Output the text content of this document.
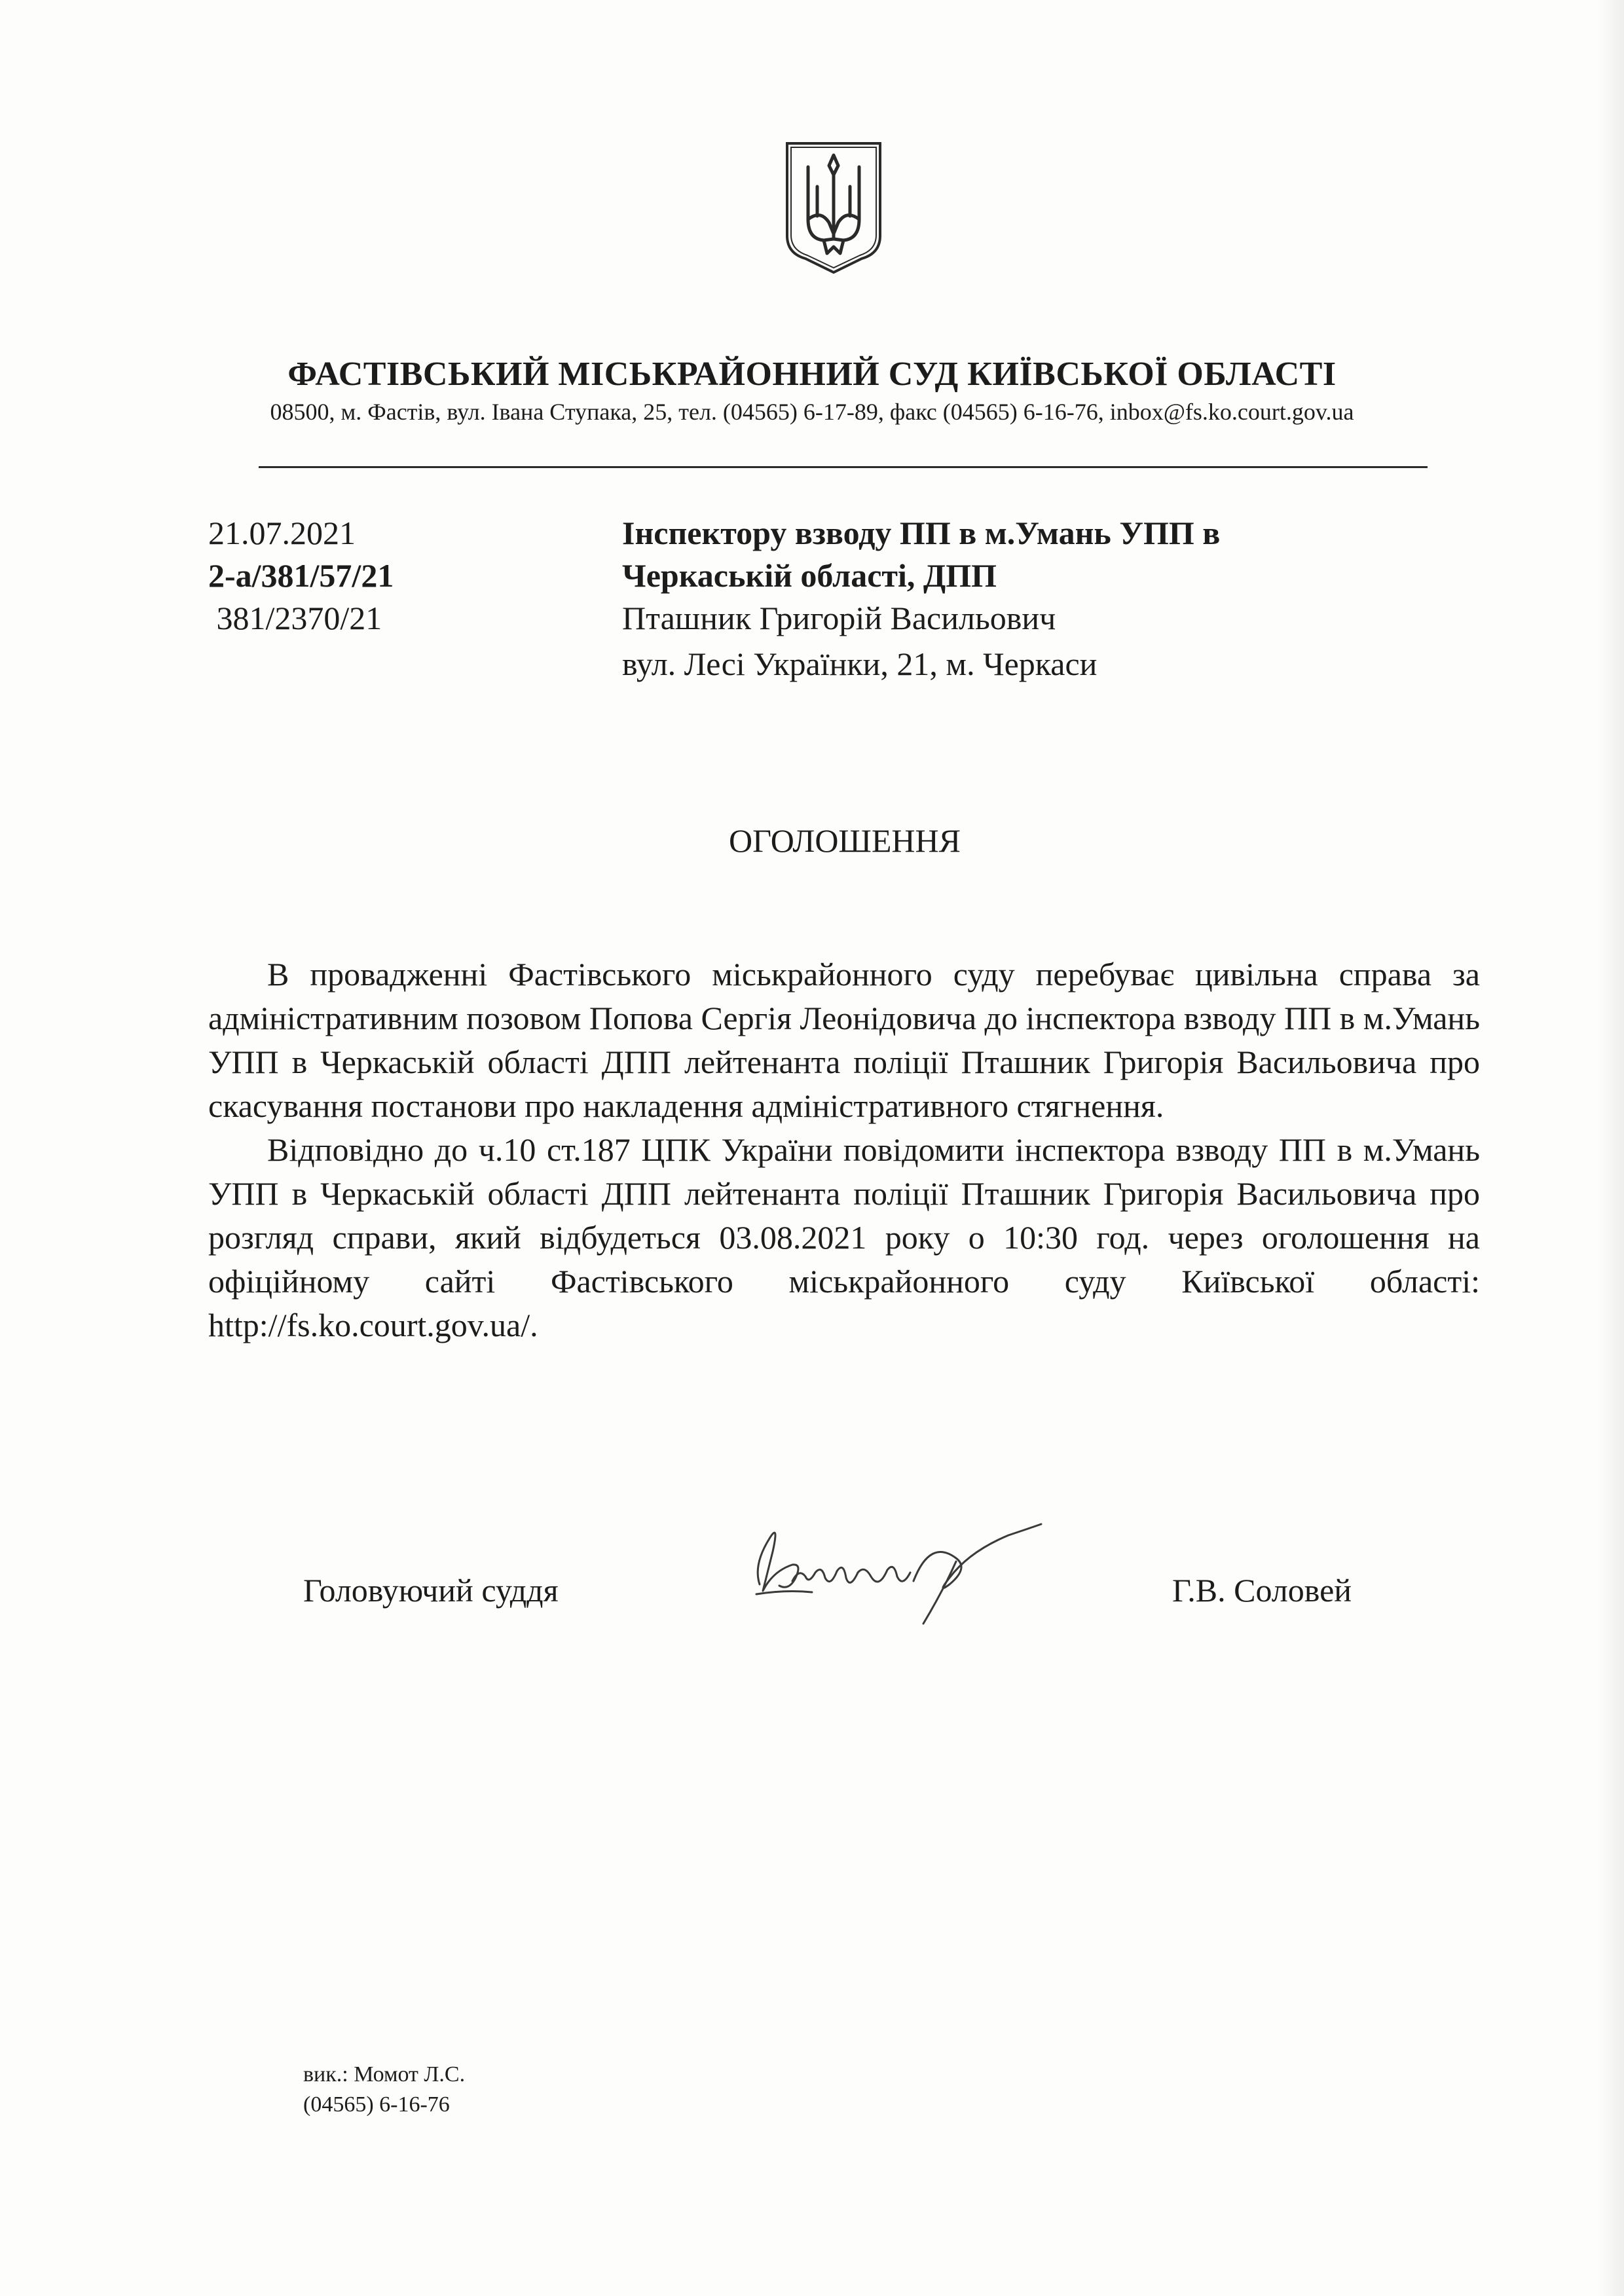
ФАСТІВСЬКИЙ МІСЬКРАЙОННИЙ СУД КИЇВСЬКОЇ ОБЛАСТІ
08500, м. Фастів, вул. Івана Ступака, 25, тел. (04565) 6-17-89, факс (04565) 6-16-76, inbox@fs.ko.court.gov.ua
21.07.2021
2-а/381/57/21
381/2370/21
Інспектору взводу ПП в м.Умань УПП в
Черкаській області, ДПП
Пташник Григорій Васильович
вул. Лесі Українки, 21, м. Черкаси
ОГОЛОШЕННЯ

В провадженні Фастівського міськрайонного суду перебуває цивільна справа за адміністративним позовом Попова Сергія Леонідовича до інспектора взводу ПП в м.Умань УПП в Черкаській області ДПП лейтенанта поліції Пташник Григорія Васильовича про скасування постанови про накладення адміністративного стягнення.

Відповідно до ч.10 ст.187 ЦПК України повідомити інспектора взводу ПП в м.Умань УПП в Черкаській області ДПП лейтенанта поліції Пташник Григорія Васильовича про розгляд справи, який відбудеться 03.08.2021 року о 10:30 год. через оголошення на офіційному сайті Фастівського міськрайонного суду Київської області: http://fs.ko.court.gov.ua/.

Головуючий суддя	Г.В. Соловей
вик.: Момот Л.С.
(04565) 6-16-76
